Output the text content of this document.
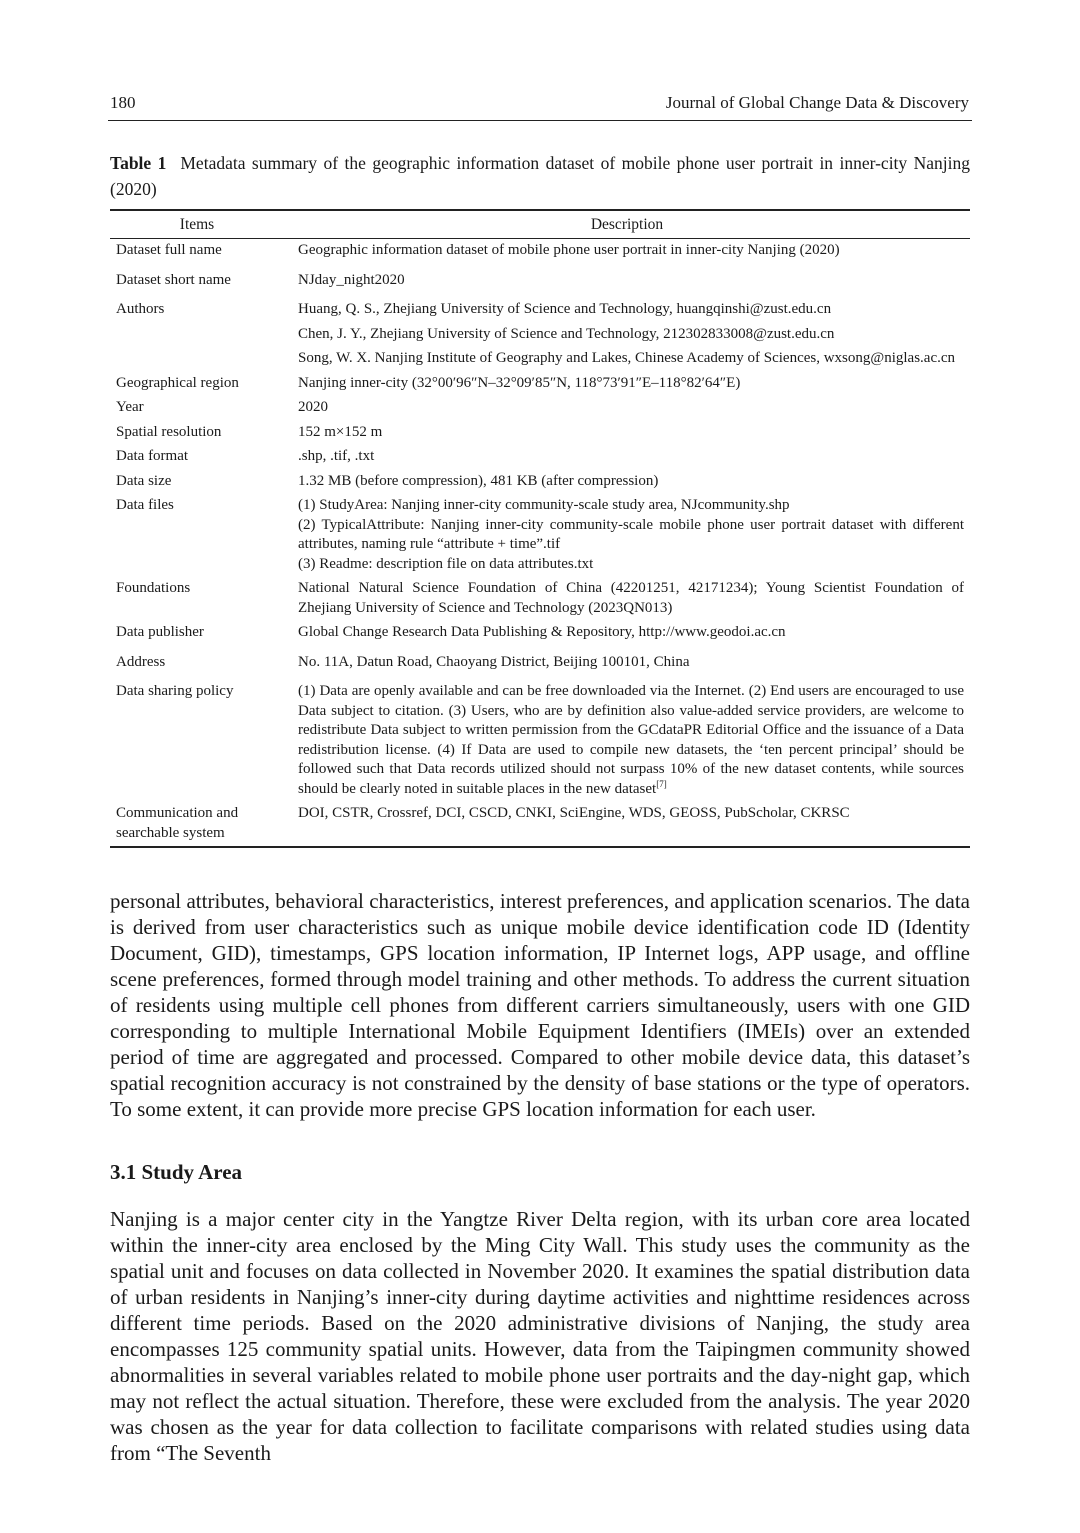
180	Journal of Global Change Data & Discovery
Table 1 Metadata summary of the geographic information dataset of mobile phone user portrait in inner-city Nanjing (2020)
Items	Description
Dataset full name	Geographic information dataset of mobile phone user portrait in inner-city Nanjing (2020)
Dataset short name	NJday_night2020
Authors	Huang, Q. S., Zhejiang University of Science and Technology, huangqinshi@zust.edu.cn
Chen, J. Y., Zhejiang University of Science and Technology, 212302833008@zust.edu.cn
Song, W. X. Nanjing Institute of Geography and Lakes, Chinese Academy of Sciences, wxsong@niglas.ac.cn

Geographical region	Nanjing inner-city (32°00′96″N–32°09′85″N, 118°73′91″E–118°82′64″E)
Year	2020
Spatial resolution	152 m×152 m
Data format	.shp, .tif, .txt
Data size	1.32 MB (before compression), 481 KB (after compression)
Data files	(1) StudyArea: Nanjing inner-city community-scale study area, NJcommunity.shp
(2) TypicalAttribute: Nanjing inner-city community-scale mobile phone user portrait dataset with different attributes, naming rule “attribute + time”.tif
(3) Readme: description file on data attributes.txt

Foundations	National Natural Science Foundation of China (42201251, 42171234); Young Scientist Foundation of Zhejiang University of Science and Technology (2023QN013)
Data publisher	Global Change Research Data Publishing & Repository, http://www.geodoi.ac.cn
Address	No. 11A, Datun Road, Chaoyang District, Beijing 100101, China
Data sharing policy	(1) Data are openly available and can be free downloaded via the Internet. (2) End users are encouraged to use Data subject to citation. (3) Users, who are by definition also value-added service providers, are welcome to redistribute Data subject to written permission from the GCdataPR Editorial Office and the issuance of a Data redistribution license. (4) If Data are used to compile new datasets, the ‘ten percent principal’ should be followed such that Data records utilized should not surpass 10% of the new dataset contents, while sources should be clearly noted in suitable places in the new dataset[7]
Communication and searchable system	DOI, CSTR, Crossref, DCI, CSCD, CNKI, SciEngine, WDS, GEOSS, PubScholar, CKRSC

personal attributes, behavioral characteristics, interest preferences, and application scenarios. The data is derived from user characteristics such as unique mobile device identification code ID (Identity Document, GID), timestamps, GPS location information, IP Internet logs, APP usage, and offline scene preferences, formed through model training and other methods. To address the current situation of residents using multiple cell phones from different carriers simultaneously, users with one GID corresponding to multiple International Mobile Equipment Identifiers (IMEIs) over an extended period of time are aggregated and processed. Compared to other mobile device data, this dataset’s spatial recognition accuracy is not constrained by the density of base stations or the type of operators. To some extent, it can provide more precise GPS location information for each user.

3.1 Study Area

Nanjing is a major center city in the Yangtze River Delta region, with its urban core area located within the inner-city area enclosed by the Ming City Wall. This study uses the community as the spatial unit and focuses on data collected in November 2020. It examines the spatial distribution data of urban residents in Nanjing’s inner-city during daytime activities and nighttime residences across different time periods. Based on the 2020 administrative divisions of Nanjing, the study area encompasses 125 community spatial units. However, data from the Taipingmen community showed abnormalities in several variables related to mobile phone user portraits and the day-night gap, which may not reflect the actual situation. Therefore, these were excluded from the analysis. The year 2020 was chosen as the year for data collection to facilitate comparisons with related studies using data from “The Seventh
